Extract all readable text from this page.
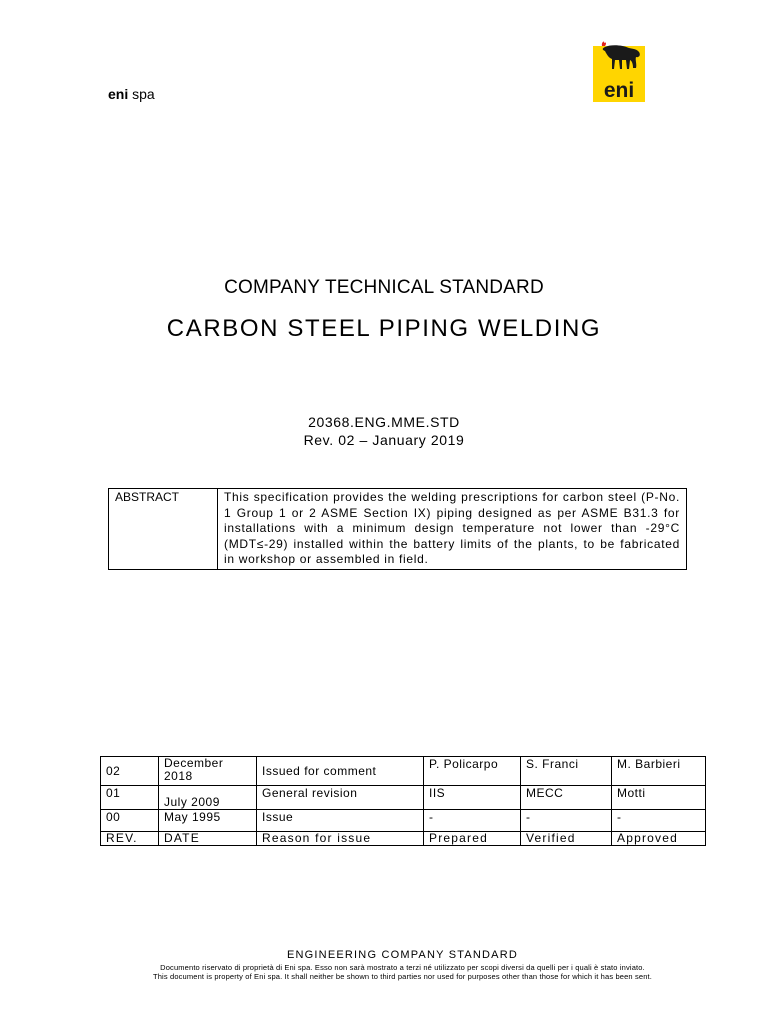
eni spa	eni
COMPANY TECHNICAL STANDARD
CARBON STEEL PIPING WELDING
20368.ENG.MME.STD
Rev. 02 – January 2019
ABSTRACT	This specification provides the welding prescriptions for carbon steel (P-No. 1 Group 1 or 2 ASME Section IX) piping designed as per ASME B31.3 for installations with a minimum design temperature not lower than -29°C (MDT≤-29) installed within the battery limits of the plants, to be fabricated in workshop or assembled in field.
02	December 2018	Issued for comment	P. Policarpo	S. Franci	M. Barbieri
01	July 2009	General revision	IIS	MECC	Motti
00	May 1995	Issue	-	-	-
REV.	DATE	Reason for issue	Prepared	Verified	Approved
ENGINEERING COMPANY STANDARD
Documento riservato di proprietà di Eni spa. Esso non sarà mostrato a terzi né utilizzato per scopi diversi da quelli per i quali è stato inviato.
This document is property of Eni spa. It shall neither be shown to third parties nor used for purposes other than those for which it has been sent.
